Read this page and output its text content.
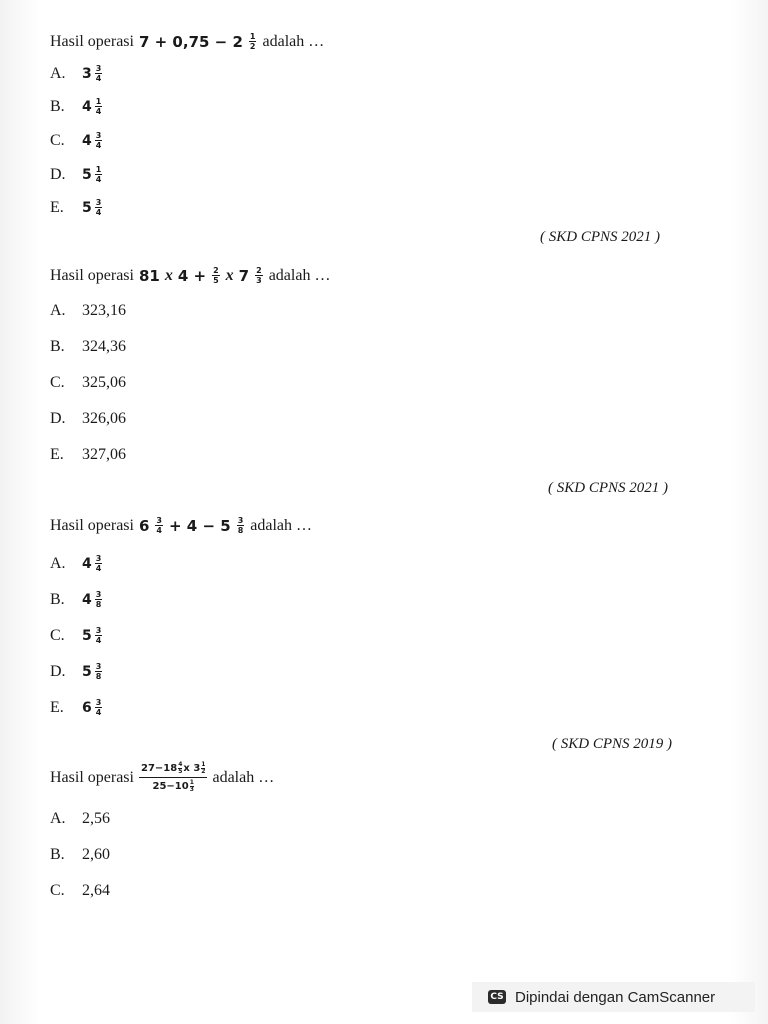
Hasil operasi $7 + 0,75 - 2 \frac{1}{2}$ adalah …
A.	$3 \frac{3}{4}$
B.	$4 \frac{1}{4}$
C.	$4 \frac{3}{4}$
D.	$5 \frac{1}{4}$
E.	$5 \frac{3}{4}$
( SKD CPNS 2021 )
Hasil operasi 81 x $4 + \frac{2}{5}$ x $7 \frac{2}{3}$ adalah …
A.	323,16
B.	324,36
C.	325,06
D.	326,06
E.	327,06
( SKD CPNS 2021 )
Hasil operasi $6 \frac{3}{4} + 4 - 5 \frac{3}{8}$ adalah …
A.	$4 \frac{3}{4}$
B.	$4 \frac{3}{8}$
C.	$5 \frac{3}{4}$
D.	$5 \frac{3}{8}$
E.	$6 \frac{3}{4}$
( SKD CPNS 2019 )
Hasil operasi 27−18 4
5 x 3 1
2
25−10 1
3
adalah …
A.	2,56
B.	2,60
C.	2,64
CS Dipindai dengan CamScanner
